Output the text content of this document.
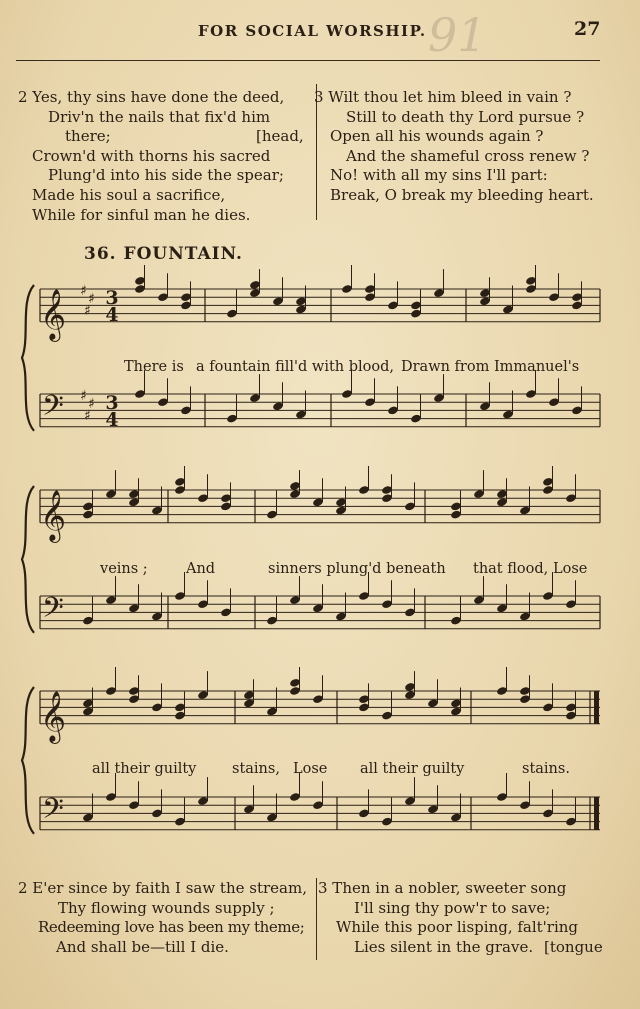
91
FOR SOCIAL WORSHIP.	27
2 Yes, thy sins have done the deed,
Driv'n the nails that fix'd him
there;	[head,
Crown'd with thorns his sacred
Plung'd into his side the spear;
Made his soul a sacrifice,
While for sinful man he dies.
3 Wilt thou let him bleed in vain ?
Still to death thy Lord pursue ?
Open all his wounds again ?
And the shameful cross renew ?
No! with all my sins I'll part:
Break, O break my bleeding heart.
36. FOUNTAIN.
𝄞 ♯ ♯
♯
3
4
𝄢 ♯ ♯
♯
3
4
𝄞
𝄢
𝄞
𝄢
There is a fountain fill'd with blood, Drawn from Immanuel's
veins ;	And	sinners plung'd beneath that flood, Lose
all their guilty stains, Lose all their guilty	stains.
2 E'er since by faith I saw the stream,
Thy flowing wounds supply ;
Redeeming love has been my theme;
And shall be—till I die.
3 Then in a nobler, sweeter song
I'll sing thy pow'r to save;
While this poor lisping, falt'ring
Lies silent in the grave. [tongue
